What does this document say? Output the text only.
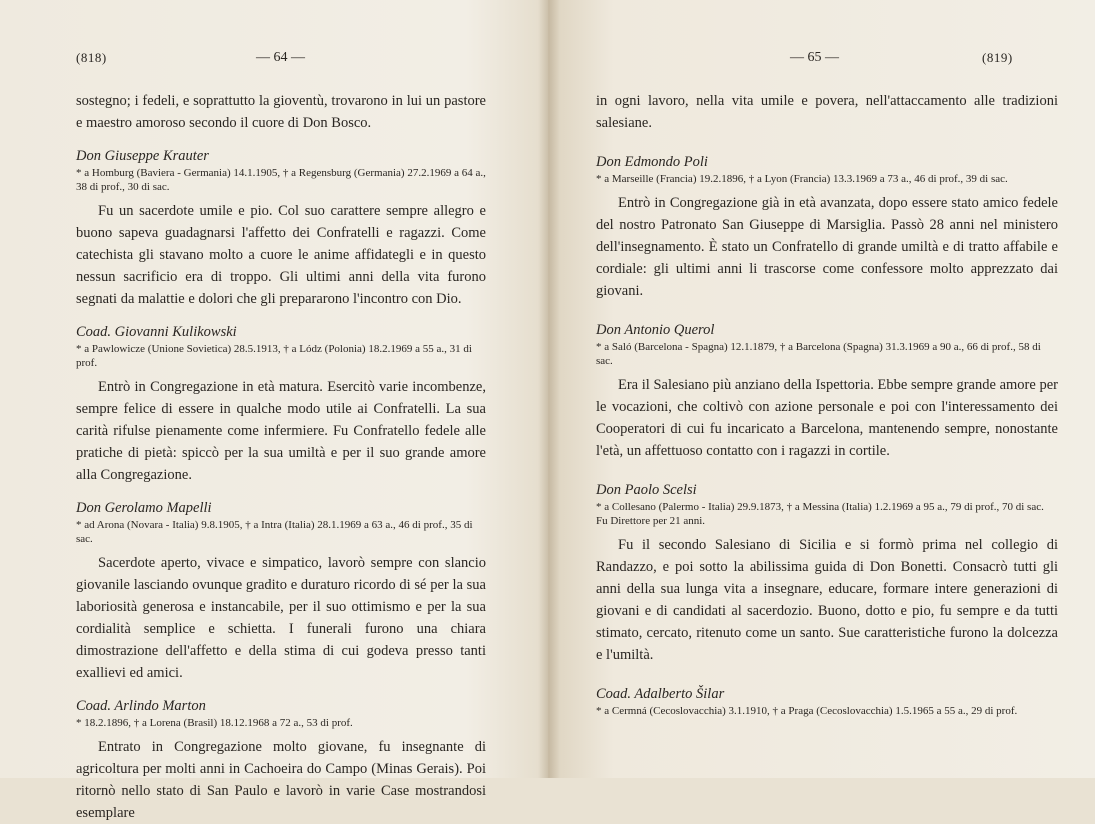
(818)	— 64 —

sostegno; i fedeli, e soprattutto la gioventù, trovarono in lui un pastore e maestro amoroso secondo il cuore di Don Bosco.

Don Giuseppe Krauter

* a Homburg (Baviera - Germania) 14.1.1905, † a Regensburg (Germania) 27.2.1969 a 64 a., 38 di prof., 30 di sac.

Fu un sacerdote umile e pio. Col suo carattere sempre allegro e buono sapeva guadagnarsi l'affetto dei Confratelli e ragazzi. Come catechista gli stavano molto a cuore le anime affidategli e in questo nessun sacrificio era di troppo. Gli ultimi anni della vita furono segnati da malattie e dolori che gli prepararono l'incontro con Dio.

Coad. Giovanni Kulikowski

* a Pawlowicze (Unione Sovietica) 28.5.1913, † a Lódz (Polonia) 18.2.1969 a 55 a., 31 di prof.

Entrò in Congregazione in età matura. Esercitò varie incombenze, sempre felice di essere in qualche modo utile ai Confratelli. La sua carità rifulse pienamente come infermiere. Fu Confratello fedele alle pratiche di pietà: spiccò per la sua umiltà e per il suo grande amore alla Congregazione.

Don Gerolamo Mapelli

* ad Arona (Novara - Italia) 9.8.1905, † a Intra (Italia) 28.1.1969 a 63 a., 46 di prof., 35 di sac.

Sacerdote aperto, vivace e simpatico, lavorò sempre con slancio giovanile lasciando ovunque gradito e duraturo ricordo di sé per la sua laboriosità generosa e instancabile, per il suo ottimismo e per la sua cordialità semplice e schietta. I funerali furono una chiara dimostrazione dell'affetto e della stima di cui godeva presso tanti exallievi ed amici.

Coad. Arlindo Marton

* 18.2.1896, † a Lorena (Brasil) 18.12.1968 a 72 a., 53 di prof.

Entrato in Congregazione molto giovane, fu insegnante di agricoltura per molti anni in Cachoeira do Campo (Minas Gerais). Poi ritornò nello stato di San Paulo e lavorò in varie Case mostrandosi esemplare

— 65 —	(819)

in ogni lavoro, nella vita umile e povera, nell'attaccamento alle tradizioni salesiane.

Don Edmondo Poli

* a Marseille (Francia) 19.2.1896, † a Lyon (Francia) 13.3.1969 a 73 a., 46 di prof., 39 di sac.

Entrò in Congregazione già in età avanzata, dopo essere stato amico fedele del nostro Patronato San Giuseppe di Marsiglia. Passò 28 anni nel ministero dell'insegnamento. È stato un Confratello di grande umiltà e di tratto affabile e cordiale: gli ultimi anni li trascorse come confessore molto apprezzato dai giovani.

Don Antonio Querol

* a Saló (Barcelona - Spagna) 12.1.1879, † a Barcelona (Spagna) 31.3.1969 a 90 a., 66 di prof., 58 di sac.

Era il Salesiano più anziano della Ispettoria. Ebbe sempre grande amore per le vocazioni, che coltivò con azione personale e poi con l'interessamento dei Cooperatori di cui fu incaricato a Barcelona, mantenendo sempre, nonostante l'età, un affettuoso contatto con i ragazzi in cortile.

Don Paolo Scelsi

* a Collesano (Palermo - Italia) 29.9.1873, † a Messina (Italia) 1.2.1969 a 95 a., 79 di prof., 70 di sac. Fu Direttore per 21 anni.

Fu il secondo Salesiano di Sicilia e si formò prima nel collegio di Randazzo, e poi sotto la abilissima guida di Don Bonetti. Consacrò tutti gli anni della sua lunga vita a insegnare, educare, formare intere generazioni di giovani e di candidati al sacerdozio. Buono, dotto e pio, fu sempre e da tutti stimato, cercato, ritenuto come un santo. Sue caratteristiche furono la dolcezza e l'umiltà.

Coad. Adalberto Šilar

* a Cermná (Cecoslovacchia) 3.1.1910, † a Praga (Cecoslovacchia) 1.5.1965 a 55 a., 29 di prof.
